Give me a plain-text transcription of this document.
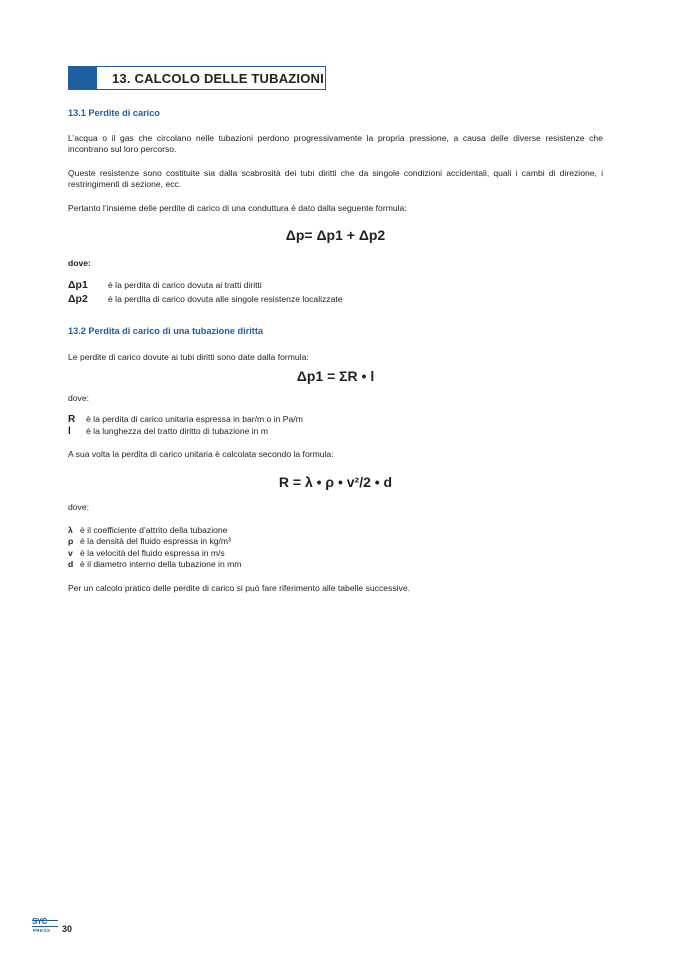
13. CALCOLO DELLE TUBAZIONI

13.1 Perdite di carico

L’acqua o il gas che circolano nelle tubazioni perdono progressivamente la propria pressione, a causa delle diverse resistenze che incontrano sul loro percorso.

Queste resistenze sono costituite sia dalla scabrosità dei tubi diritti che da singole condizioni accidentali, quali i cambi di direzione, i restringimenti di sezione, ecc.

Pertanto l’insieme delle perdite di carico di una conduttura è dato dalla seguente formula:

Δp= Δp1 + Δp2

dove:

Δp1	è la perdita di carico dovuta ai tratti diritti
Δp2	è la perdita di carico dovuta alle singole resistenze localizzate

13.2 Perdita di carico di una tubazione diritta

Le perdite di carico dovute ai tubi diritti sono date dalla formula:

Δp1 = ΣR • l

dove:

R	è la perdita di carico unitaria espressa in bar/m o in Pa/m
l	è la lunghezza del tratto diritto di tubazione in m

A sua volta la perdita di carico unitaria è calcolata secondo la formula:

R = λ • ρ • v²/2 • d

dove:

λ è il coefficiente d’attrito della tubazione
ρ è la densità del fluido espressa in kg/m³
v è la velocità del fluido espressa in m/s
d è il diametro interno della tubazione in mm

Per un calcolo pratico delle perdite di carico si può fare riferimento alle tabelle successive.

SYC
PRESS 30
